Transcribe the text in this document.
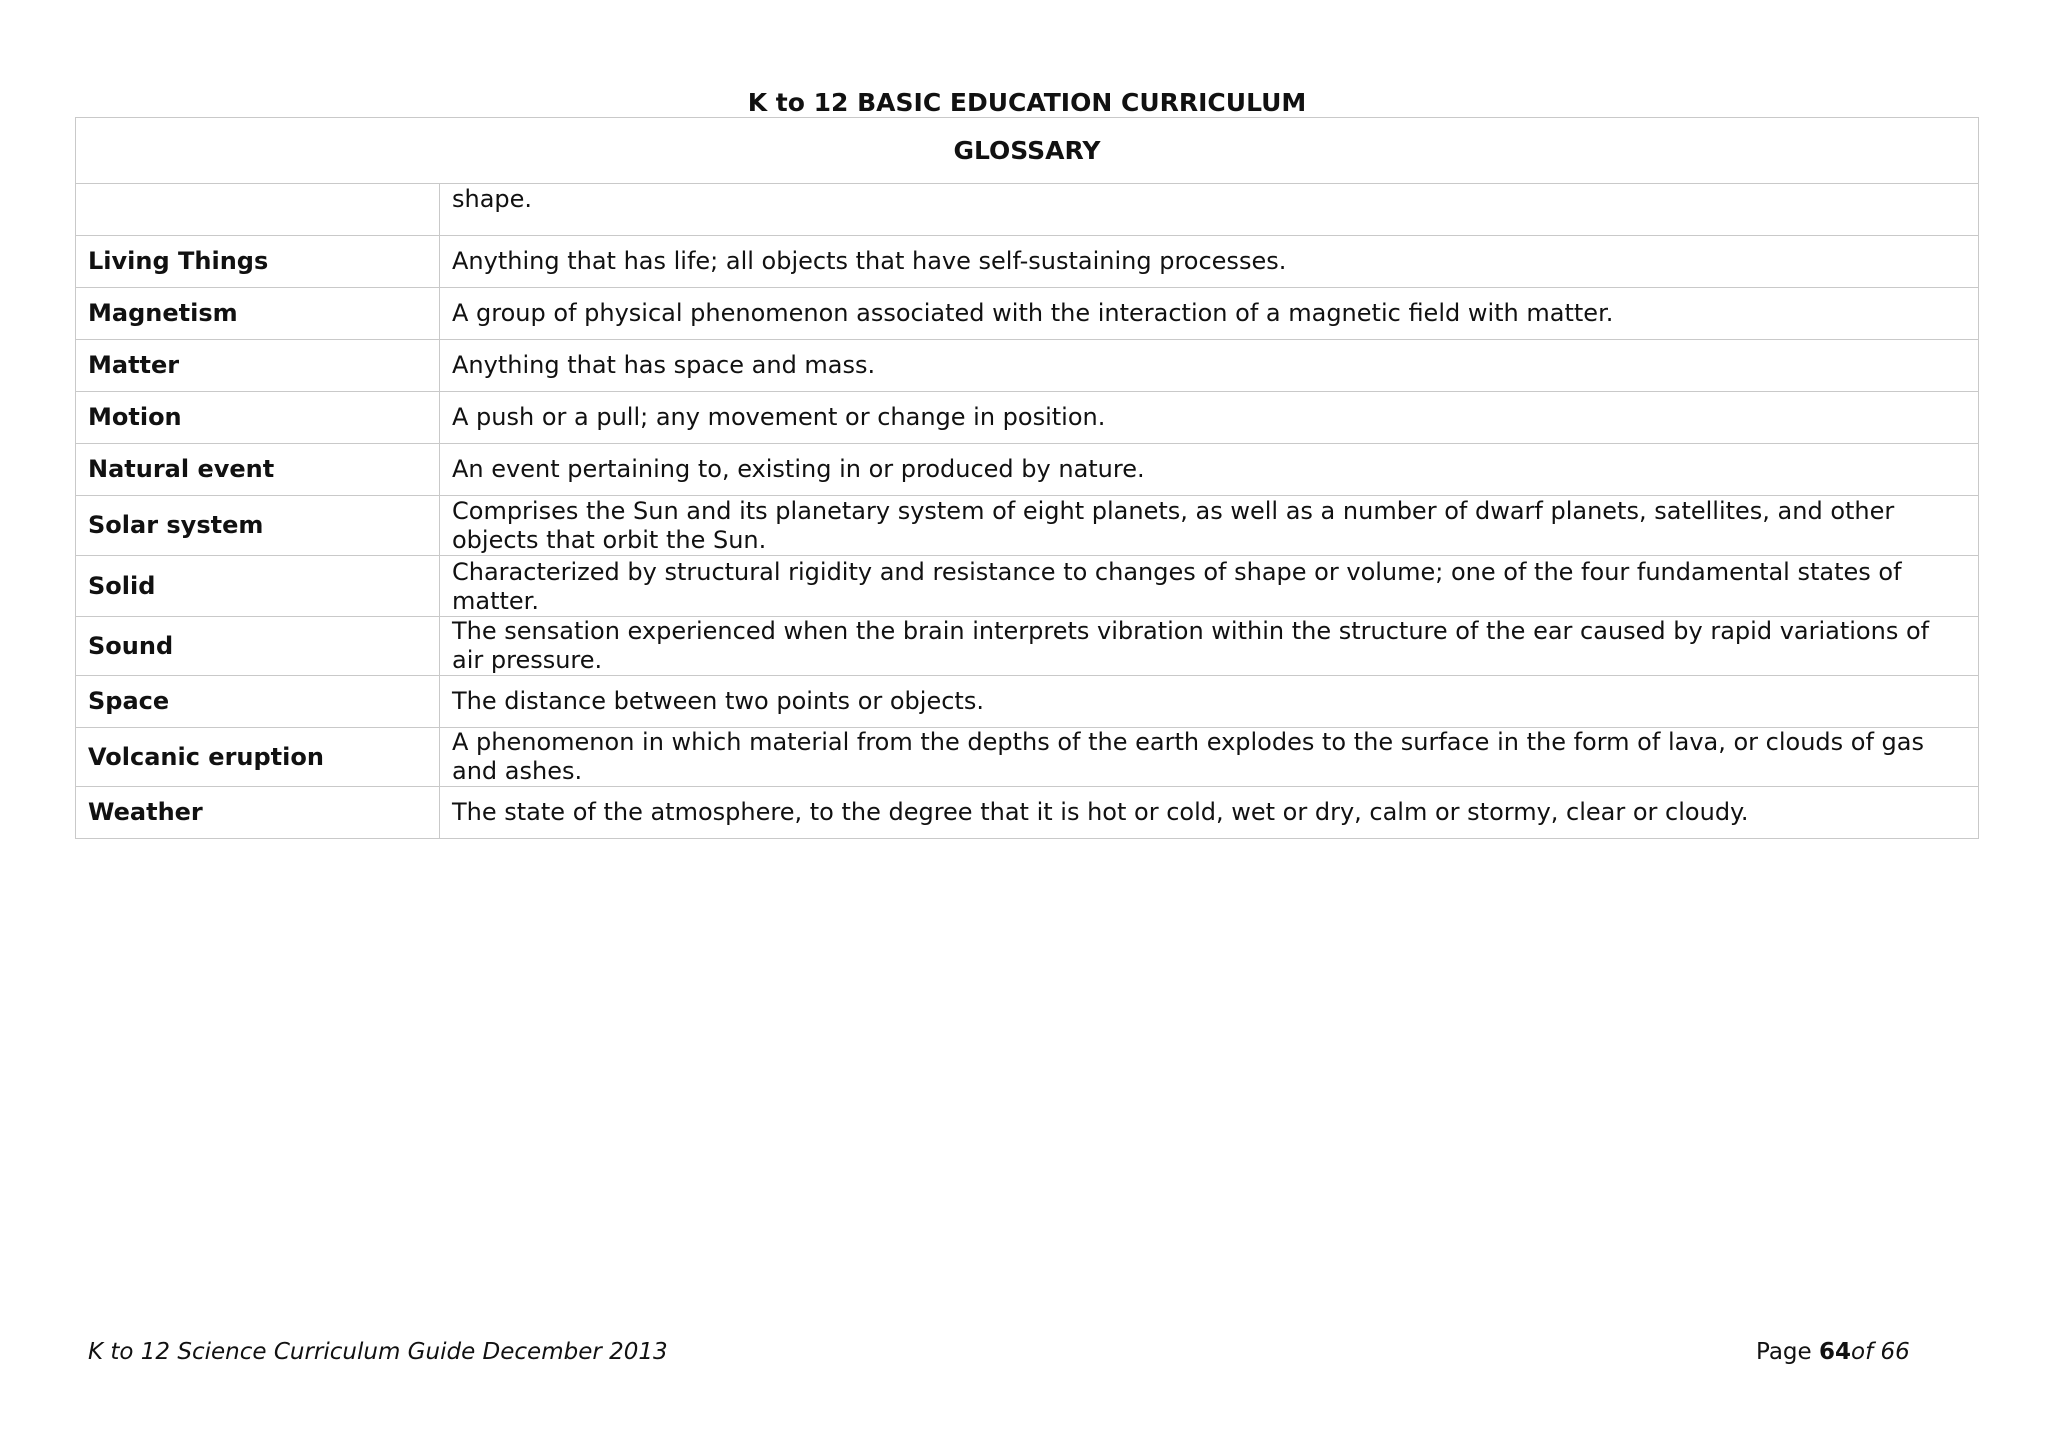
K to 12 BASIC EDUCATION CURRICULUM
GLOSSARY	
	shape.
Living Things	Anything that has life; all objects that have self-sustaining processes.
Magnetism	A group of physical phenomenon associated with the interaction of a magnetic field with matter.
Matter	Anything that has space and mass.
Motion	A push or a pull; any movement or change in position.
Natural event	An event pertaining to, existing in or produced by nature.
Solar system	Comprises the Sun and its planetary system of eight planets, as well as a number of dwarf planets, satellites, and other objects that orbit the Sun.
Solid	Characterized by structural rigidity and resistance to changes of shape or volume; one of the four fundamental states of matter.
Sound	The sensation experienced when the brain interprets vibration within the structure of the ear caused by rapid variations of air pressure.
Space	The distance between two points or objects.
Volcanic eruption	A phenomenon in which material from the depths of the earth explodes to the surface in the form of lava, or clouds of gas and ashes.
Weather	The state of the atmosphere, to the degree that it is hot or cold, wet or dry, calm or stormy, clear or cloudy.
K to 12 Science Curriculum Guide December 2013	Page 64of 66
